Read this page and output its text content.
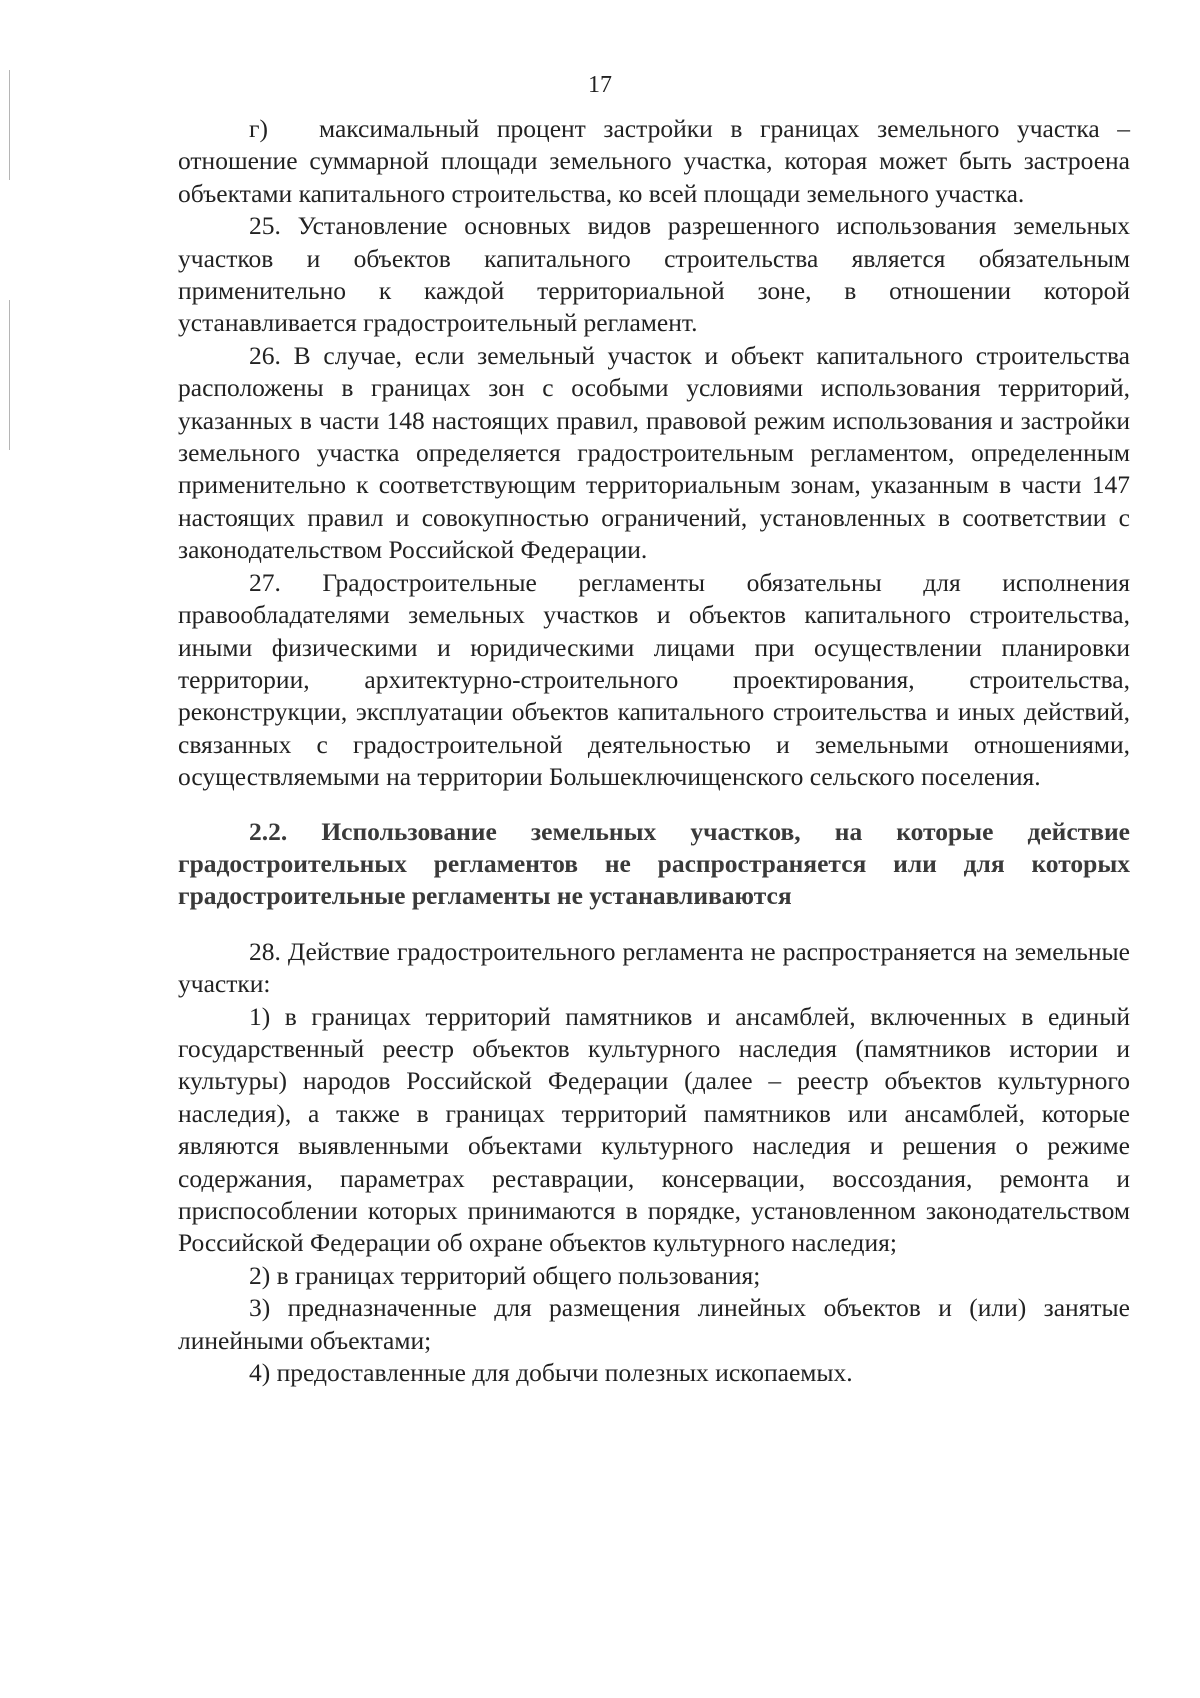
17

г) максимальный процент застройки в границах земельного участка – отношение суммарной площади земельного участка, которая может быть застроена объектами капитального строительства, ко всей площади земельного участка.

25. Установление основных видов разрешенного использования земельных участков и объектов капитального строительства является обязательным применительно к каждой территориальной зоне, в отношении которой устанавливается градостроительный регламент.

26. В случае, если земельный участок и объект капитального строительства расположены в границах зон с особыми условиями использования территорий, указанных в части 148 настоящих правил, правовой режим использования и застройки земельного участка определяется градостроительным регламентом, определенным применительно к соответствующим территориальным зонам, указанным в части 147 настоящих правил и совокупностью ограничений, установленных в соответствии с законодательством Российской Федерации.

27. Градостроительные регламенты обязательны для исполнения правообладателями земельных участков и объектов капитального строительства, иными физическими и юридическими лицами при осуществлении планировки территории, архитектурно-строительного проектирования, строительства, реконструкции, эксплуатации объектов капитального строительства и иных действий, связанных с градостроительной деятельностью и земельными отношениями, осуществляемыми на территории Большеключищенского сельского поселения.

2.2. Использование земельных участков, на которые действие градостроительных регламентов не распространяется или для которых градостроительные регламенты не устанавливаются

28. Действие градостроительного регламента не распространяется на земельные участки:

1) в границах территорий памятников и ансамблей, включенных в единый государственный реестр объектов культурного наследия (памятников истории и культуры) народов Российской Федерации (далее – реестр объектов культурного наследия), а также в границах территорий памятников или ансамблей, которые являются выявленными объектами культурного наследия и решения о режиме содержания, параметрах реставрации, консервации, воссоздания, ремонта и приспособлении которых принимаются в порядке, установленном законодательством Российской Федерации об охране объектов культурного наследия;

2) в границах территорий общего пользования;

3) предназначенные для размещения линейных объектов и (или) занятые линейными объектами;

4) предоставленные для добычи полезных ископаемых.
